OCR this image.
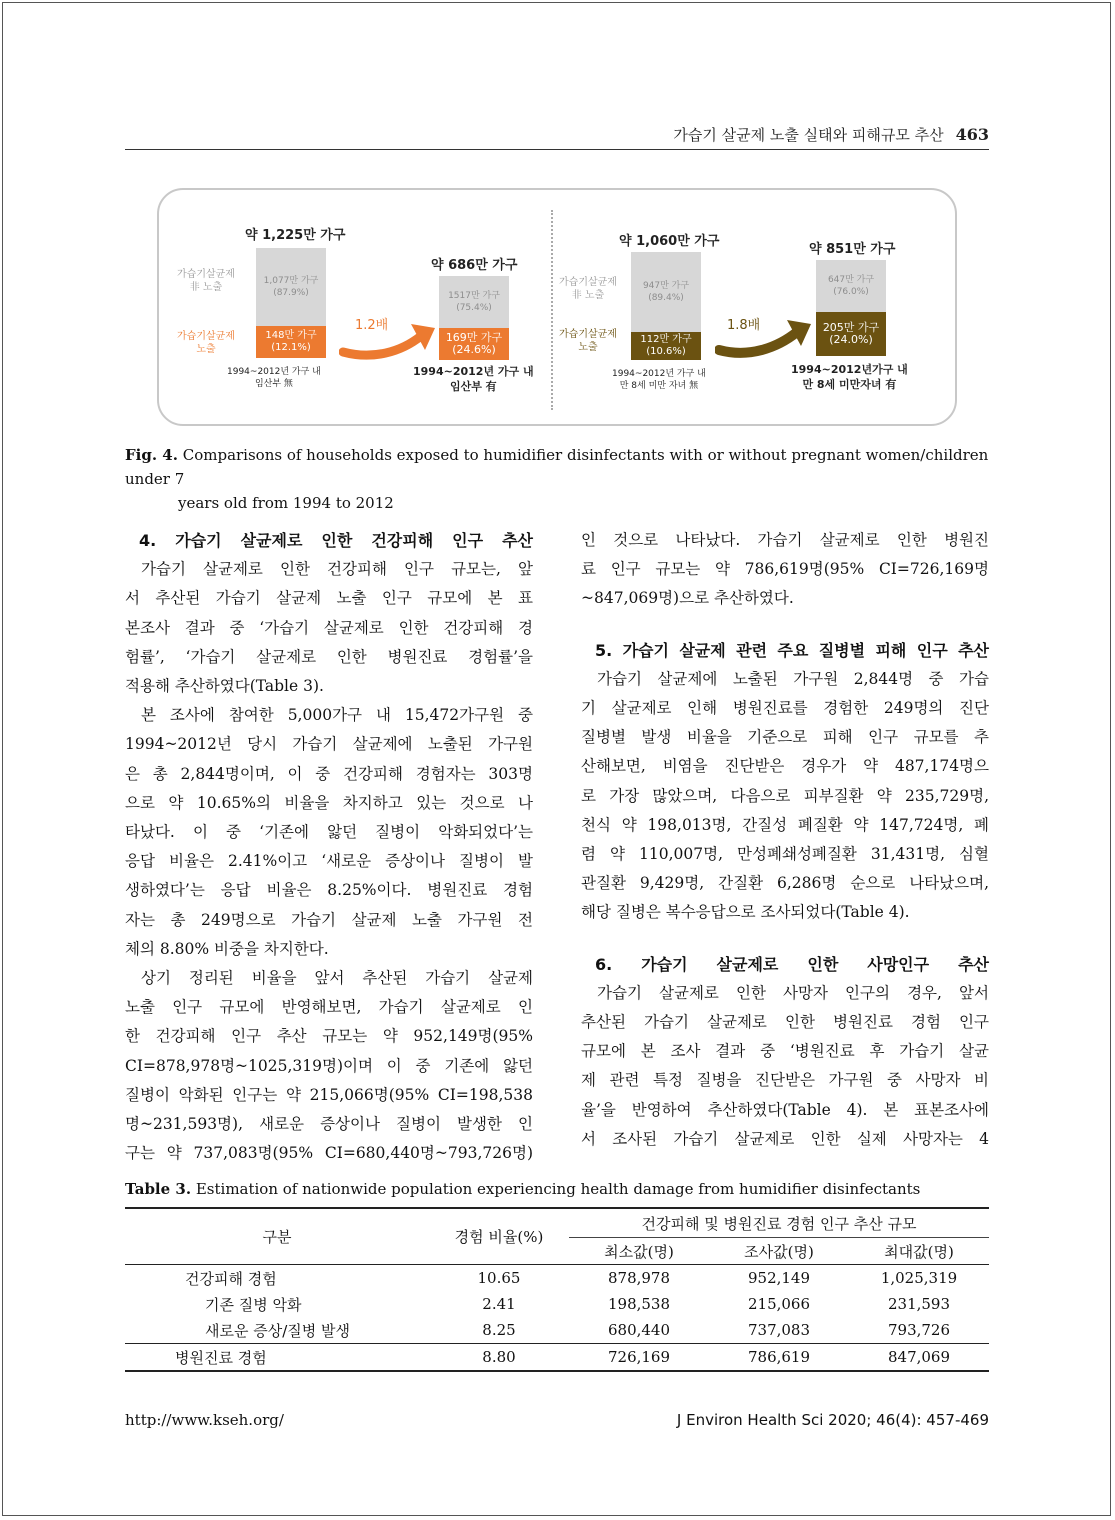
가습기 살균제 노출 실태와 피해규모 추산 463
약 1,225만 가구
가습기살균제
非 노출
가습기살균제
노출
1,077만 가구
(87.9%)
148만 가구
(12.1%)
1994~2012년 가구 내
임산부 無
1.2배
약 686만 가구
1517만 가구
(75.4%)
169만 가구
(24.6%)
1994~2012년 가구 내
임산부 有
약 1,060만 가구
가습기살균제
非 노출
가습기살균제
노출
947만 가구
(89.4%)
112만 가구
(10.6%)
1994~2012년 가구 내
만 8세 미만 자녀 無
1.8배
약 851만 가구
647만 가구
(76.0%)
205만 가구
(24.0%)
1994~2012년가구 내
만 8세 미만자녀 有
Fig. 4. Comparisons of households exposed to humidifier disinfectants with or without pregnant women/children under 7
years old from 1994 to 2012

4. 가습기 살균제로 인한 건강피해 인구 추산

가습기 살균제로 인한 건강피해 인구 규모는, 앞

서 추산된 가습기 살균제 노출 인구 규모에 본 표

본조사 결과 중 ‘가습기 살균제로 인한 건강피해 경

험률’, ‘가습기 살균제로 인한 병원진료 경험률’을

적용해 추산하였다(Table 3).

본 조사에 참여한 5,000가구 내 15,472가구원 중

1994~2012년 당시 가습기 살균제에 노출된 가구원

은 총 2,844명이며, 이 중 건강피해 경험자는 303명

으로 약 10.65%의 비율을 차지하고 있는 것으로 나

타났다. 이 중 ‘기존에 앓던 질병이 악화되었다’는

응답 비율은 2.41%이고 ‘새로운 증상이나 질병이 발

생하였다’는 응답 비율은 8.25%이다. 병원진료 경험

자는 총 249명으로 가습기 살균제 노출 가구원 전

체의 8.80% 비중을 차지한다.

상기 정리된 비율을 앞서 추산된 가습기 살균제

노출 인구 규모에 반영해보면, 가습기 살균제로 인

한 건강피해 인구 추산 규모는 약 952,149명(95%

CI=878,978명~1025,319명)이며 이 중 기존에 앓던

질병이 악화된 인구는 약 215,066명(95% CI=198,538

명~231,593명), 새로운 증상이나 질병이 발생한 인

구는 약 737,083명(95% CI=680,440명~793,726명)

인 것으로 나타났다. 가습기 살균제로 인한 병원진

료 인구 규모는 약 786,619명(95% CI=726,169명

~847,069명)으로 추산하였다.

5. 가습기 살균제 관련 주요 질병별 피해 인구 추산

가습기 살균제에 노출된 가구원 2,844명 중 가습

기 살균제로 인해 병원진료를 경험한 249명의 진단

질병별 발생 비율을 기준으로 피해 인구 규모를 추

산해보면, 비염을 진단받은 경우가 약 487,174명으

로 가장 많았으며, 다음으로 피부질환 약 235,729명,

천식 약 198,013명, 간질성 폐질환 약 147,724명, 폐

렴 약 110,007명, 만성폐쇄성폐질환 31,431명, 심혈

관질환 9,429명, 간질환 6,286명 순으로 나타났으며,

해당 질병은 복수응답으로 조사되었다(Table 4).

6. 가습기 살균제로 인한 사망인구 추산

가습기 살균제로 인한 사망자 인구의 경우, 앞서

추산된 가습기 살균제로 인한 병원진료 경험 인구

규모에 본 조사 결과 중 ‘병원진료 후 가습기 살균

제 관련 특정 질병을 진단받은 가구원 중 사망자 비

율’을 반영하여 추산하였다(Table 4). 본 표본조사에

서 조사된 가습기 살균제로 인한 실제 사망자는 4

Table 3. Estimation of nationwide population experiencing health damage from humidifier disinfectants
구분	경험 비율(%)	건강피해 및 병원진료 경험 인구 추산 규모		
		최소값(명)	조사값(명)	최대값(명)
건강피해 경험	10.65	878,978	952,149	1,025,319
기존 질병 악화	2.41	198,538	215,066	231,593
새로운 증상/질병 발생	8.25	680,440	737,083	793,726
병원진료 경험	8.80	726,169	786,619	847,069
http://www.kseh.org/	J Environ Health Sci 2020; 46(4): 457-469
